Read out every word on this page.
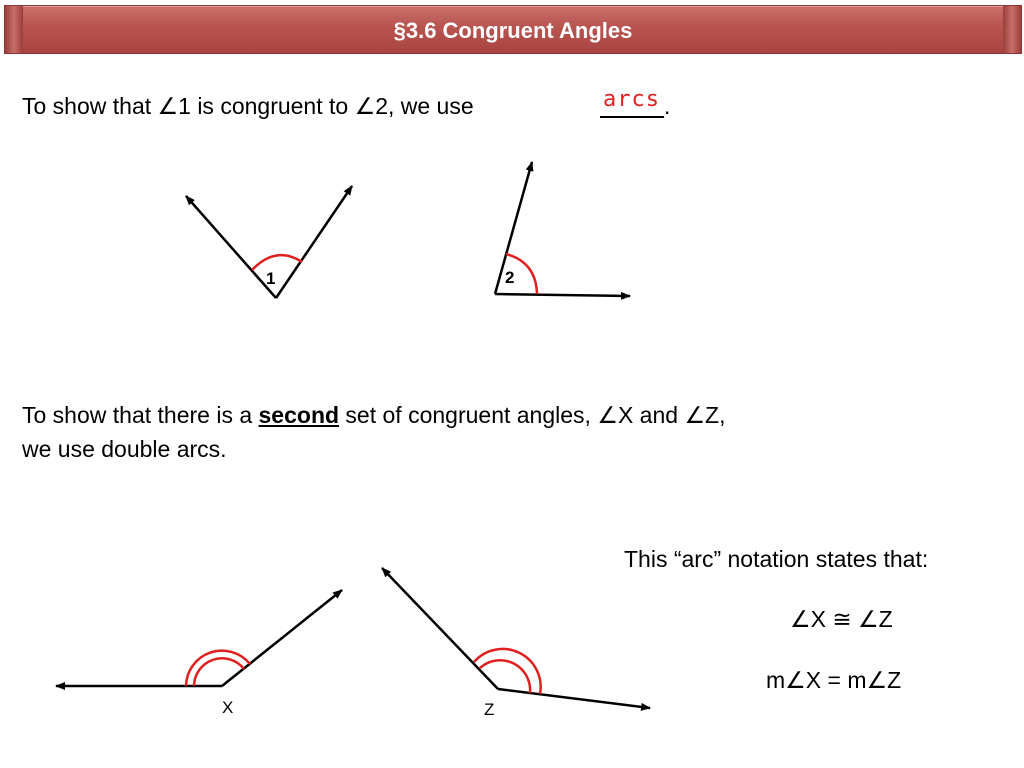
§3.6 Congruent Angles
To show that ∠1 is congruent to ∠2, we use	arcs .
1	2
X	Z
To show that there is a second set of congruent angles, ∠X and ∠Z,
we use double arcs.
This “arc” notation states that:
∠X ≅ ∠Z
m∠X = m∠Z
